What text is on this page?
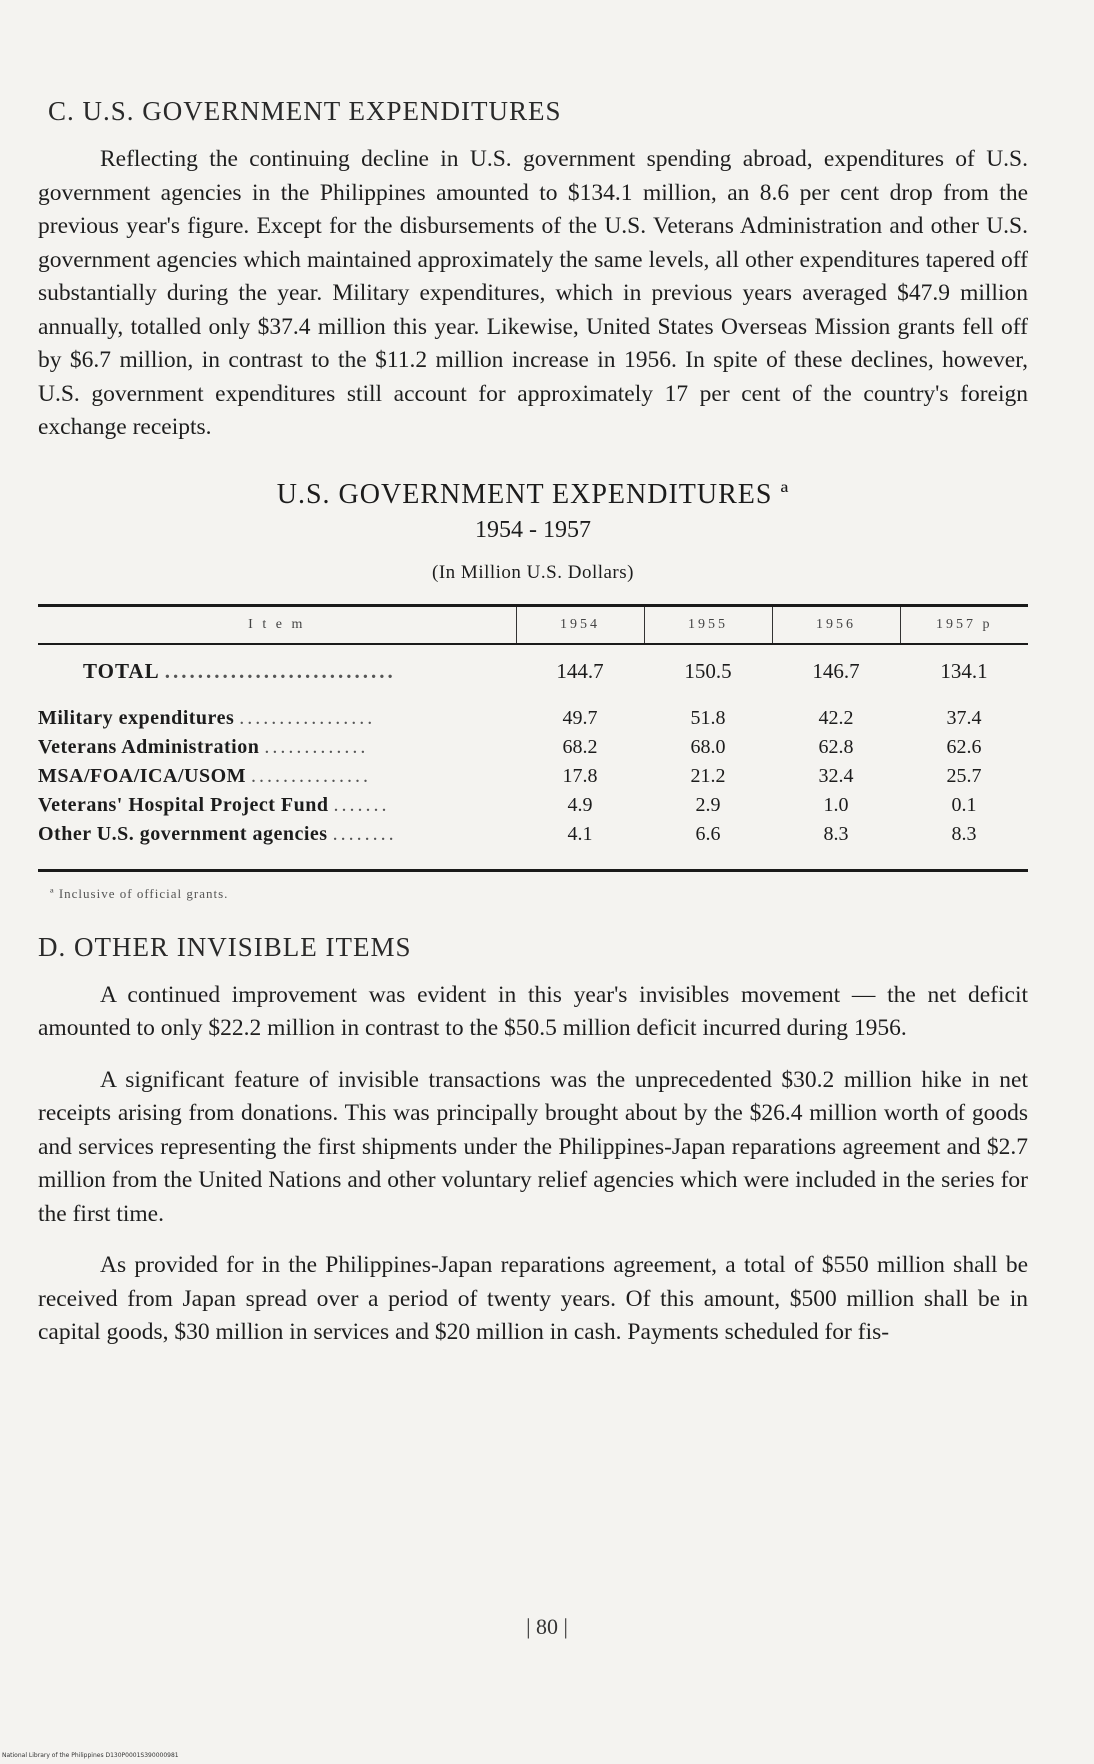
C. U.S. GOVERNMENT EXPENDITURES

Reflecting the continuing decline in U.S. government spending abroad, expenditures of U.S. government agencies in the Philippines amounted to $134.1 million, an 8.6 per cent drop from the previous year's figure. Except for the disbursements of the U.S. Veterans Administration and other U.S. government agencies which maintained approximately the same levels, all other expenditures tapered off substantially during the year. Military expenditures, which in previous years averaged $47.9 million annually, totalled only $37.4 million this year. Likewise, United States Overseas Mission grants fell off by $6.7 million, in contrast to the $11.2 million increase in 1956. In spite of these declines, however, U.S. government expenditures still account for approximately 17 per cent of the country's foreign exchange receipts.

U.S. GOVERNMENT EXPENDITURES ª
1954 - 1957
(In Million U.S. Dollars)
I t e m	1954	1955	1956	1957 p
TOTAL ............................	144.7	150.5	146.7	134.1
Military expenditures .................	49.7	51.8	42.2	37.4
Veterans Administration .............	68.2	68.0	62.8	62.6
MSA/FOA/ICA/USOM ...............	17.8	21.2	32.4	25.7
Veterans' Hospital Project Fund .......	4.9	2.9	1.0	0.1
Other U.S. government agencies ........	4.1	6.6	8.3	8.3
ª Inclusive of official grants.
D. OTHER INVISIBLE ITEMS

A continued improvement was evident in this year's invisibles movement — the net deficit amounted to only $22.2 million in contrast to the $50.5 million deficit incurred during 1956.

A significant feature of invisible transactions was the unprecedented $30.2 million hike in net receipts arising from donations. This was principally brought about by the $26.4 million worth of goods and services representing the first shipments under the Philippines-Japan reparations agreement and $2.7 million from the United Nations and other voluntary relief agencies which were included in the series for the first time.

As provided for in the Philippines-Japan reparations agreement, a total of $550 million shall be received from Japan spread over a period of twenty years. Of this amount, $500 million shall be in capital goods, $30 million in services and $20 million in cash. Payments scheduled for fis-

| 80 |
National Library of the Philippines D130P0001S390000981
